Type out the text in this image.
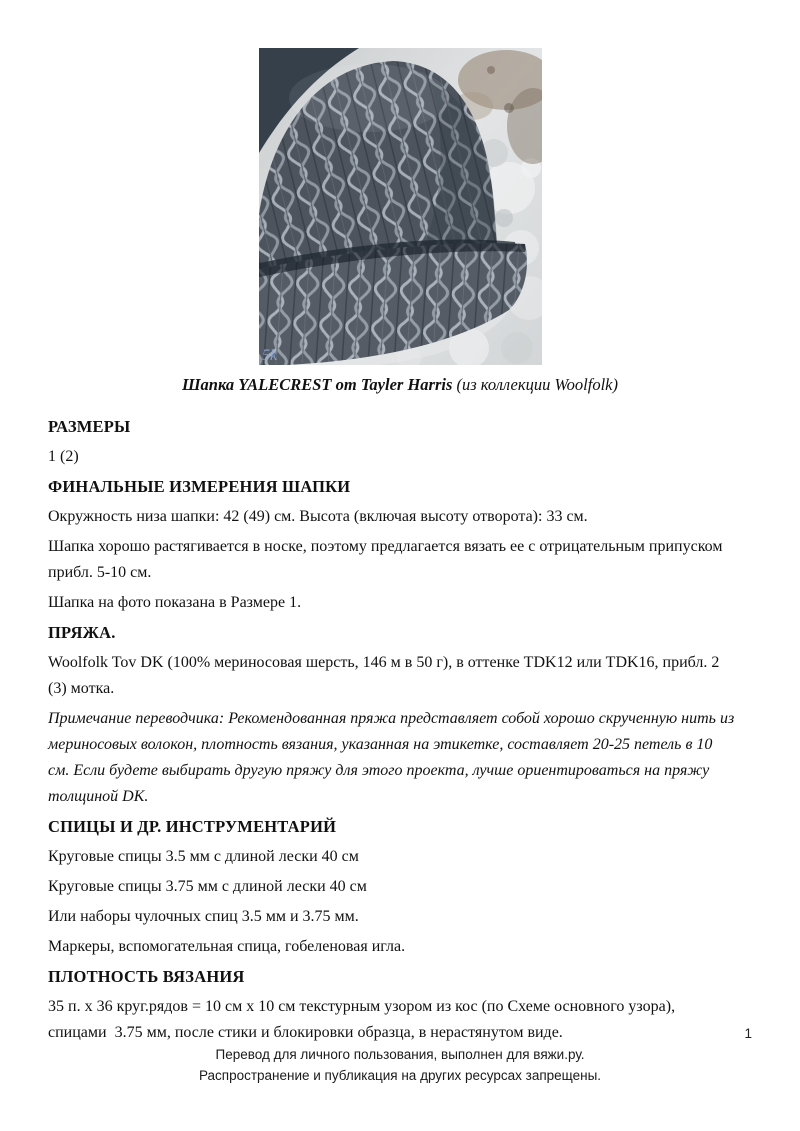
5k
Шапка YALECREST от Tayler Harris (из коллекции Woolfolk)
РАЗМЕРЫ

1 (2)

ФИНАЛЬНЫЕ ИЗМЕРЕНИЯ ШАПКИ

Окружность низа шапки: 42 (49) см. Высота (включая высоту отворота): 33 см.

Шапка хорошо растягивается в носке, поэтому предлагается вязать ее с отрицательным припуском прибл. 5-10 см.

Шапка на фото показана в Размере 1.

ПРЯЖА.

Woolfolk Tov DK (100% мериносовая шерсть, 146 м в 50 г), в оттенке TDK12 или TDK16, прибл. 2 (3) мотка.

Примечание переводчика: Рекомендованная пряжа представляет собой хорошо скрученную нить из мериносовых волокон, плотность вязания, указанная на этикетке, составляет 20-25 петель в 10 см. Если будете выбирать другую пряжу для этого проекта, лучше ориентироваться на пряжу толщиной DK.

СПИЦЫ И ДР. ИНСТРУМЕНТАРИЙ

Круговые спицы 3.5 мм с длиной лески 40 см

Круговые спицы 3.75 мм с длиной лески 40 см

Или наборы чулочных спиц 3.5 мм и 3.75 мм.

Маркеры, вспомогательная спица, гобеленовая игла.

ПЛОТНОСТЬ ВЯЗАНИЯ

35 п. х 36 круг.рядов = 10 см х 10 см текстурным узором из кос (по Схеме основного узора), спицами  3.75 мм, после стики и блокировки образца, в нерастянутом виде.	1
Перевод для личного пользования, выполнен для вяжи.ру.
Распространение и публикация на других ресурсах запрещены.
